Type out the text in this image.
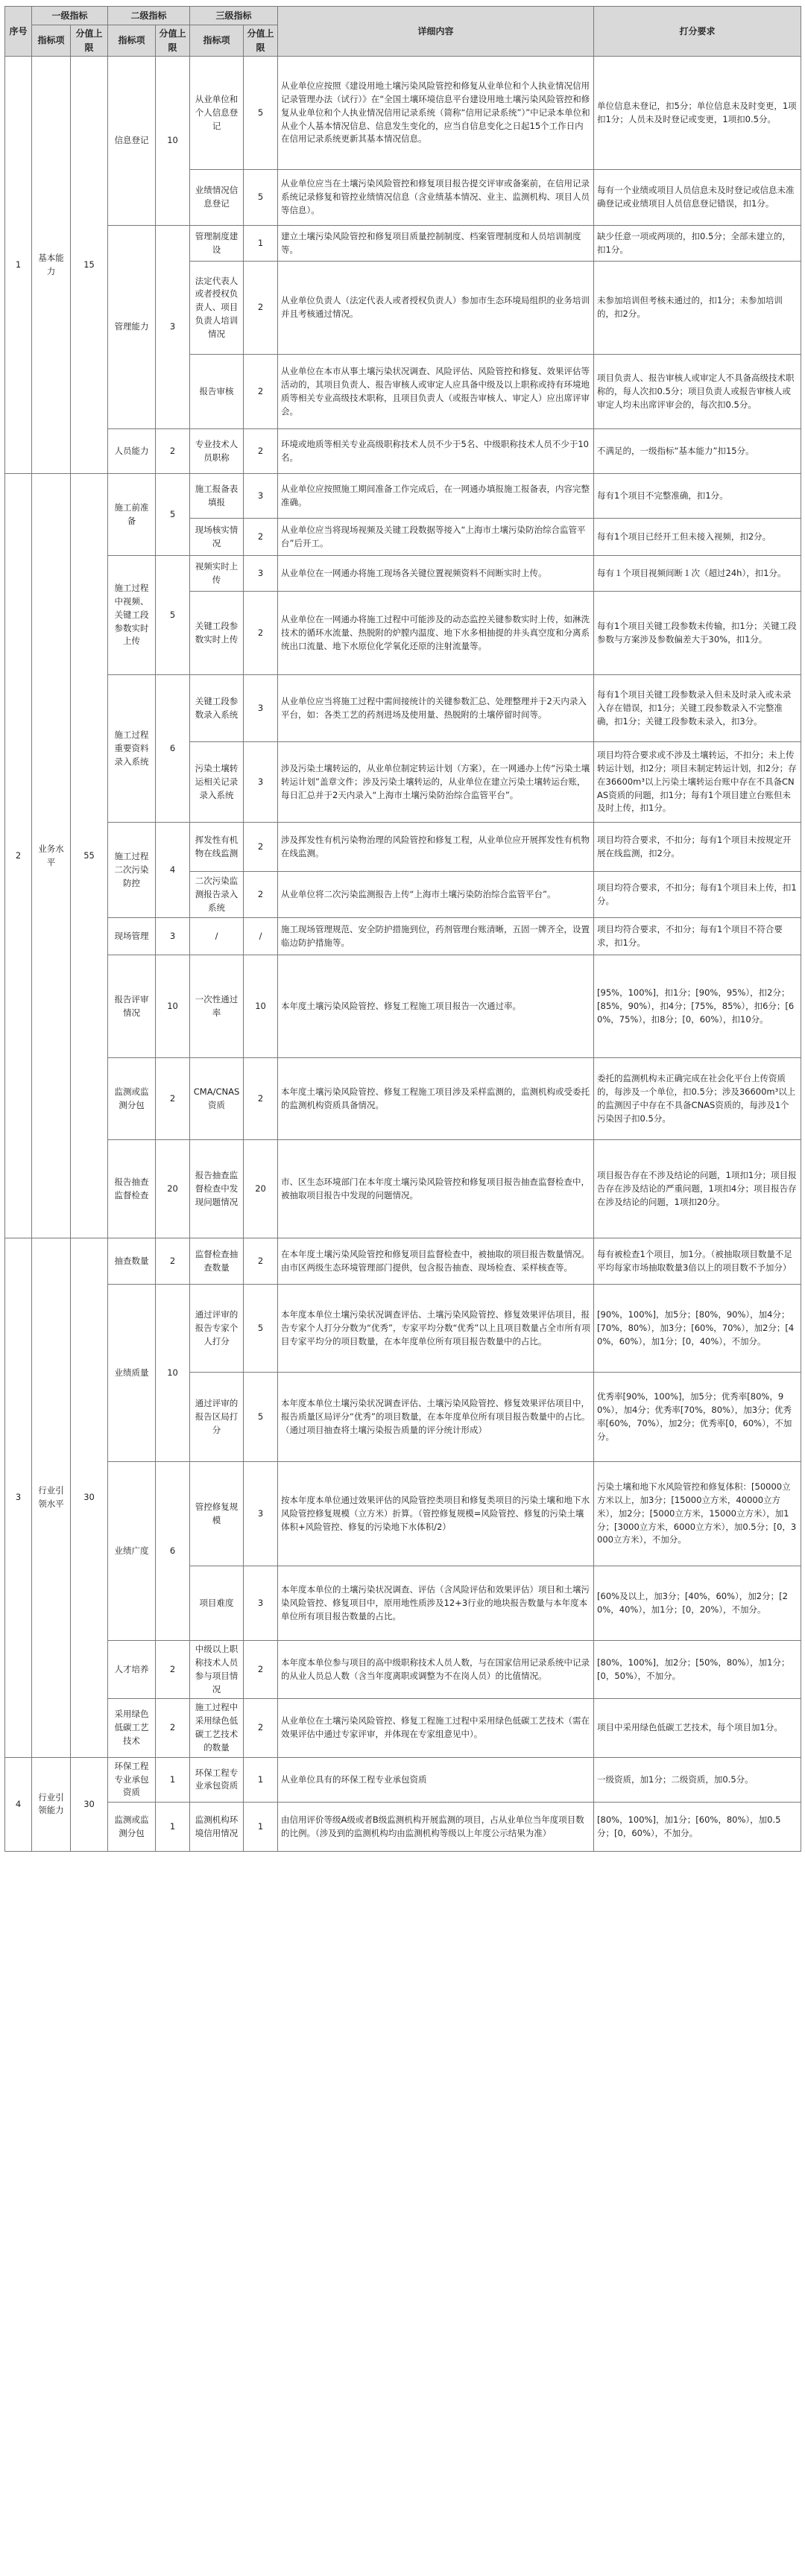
序号	一级指标		二级指标		三级指标		详细内容	打分要求
	指标项	分值上限	指标项	分值上限	指标项	分值上限		
1	基本能力	15	信息登记	10	从业单位和个人信息登记	5	从业单位应按照《建设用地土壤污染风险管控和修复从业单位和个人执业情况信用记录管理办法（试行）》在“全国土壤环境信息平台建设用地土壤污染风险管控和修复从业单位和个人执业情况信用记录系统（简称“信用记录系统”）”中记录本单位和从业个人基本情况信息、信息发生变化的，应当自信息变化之日起15个工作日内在信用记录系统更新其基本情况信息。	单位信息未登记，扣5分；单位信息未及时变更，1项扣1分；人员未及时登记或变更，1项扣0.5分。
					业绩情况信息登记	5	从业单位应当在土壤污染风险管控和修复项目报告提交评审或备案前，在信用记录系统记录修复和管控业绩情况信息（含业绩基本情况、业主、监测机构、项目人员等信息）。	每有一个业绩或项目人员信息未及时登记或信息未准确登记或业绩项目人员信息登记错误，扣1分。
			管理能力	3	管理制度建设	1	建立土壤污染风险管控和修复项目质量控制制度、档案管理制度和人员培训制度等。	缺少任意一项或两项的，扣0.5分；全部未建立的，扣1分。
					法定代表人或者授权负责人、项目负责人培训情况	2	从业单位负责人（法定代表人或者授权负责人）参加市生态环境局组织的业务培训并且考核通过情况。	未参加培训但考核未通过的，扣1分；未参加培训的，扣2分。
					报告审核	2	从业单位在本市从事土壤污染状况调查、风险评估、风险管控和修复、效果评估等活动的，其项目负责人、报告审核人或审定人应具备中级及以上职称或持有环境地质等相关专业高级技术职称，且项目负责人（或报告审核人、审定人）应出席评审会。	项目负责人、报告审核人或审定人不具备高级技术职称的，每人次扣0.5分；项目负责人或报告审核人或审定人均未出席评审会的，每次扣0.5分。
			人员能力	2	专业技术人员职称	2	环境或地质等相关专业高级职称技术人员不少于5名、中级职称技术人员不少于10名。	不满足的，一级指标“基本能力”扣15分。
2	业务水平	55	施工前准备	5	施工报备表填报	3	从业单位应按照施工期间准备工作完成后，在一网通办填报施工报备表，内容完整准确。	每有1个项目不完整准确，扣1分。
					现场核实情况	2	从业单位应当将现场视频及关键工段数据等接入“上海市土壤污染防治综合监管平台”后开工。	每有1个项目已经开工但未接入视频，扣2分。
			施工过程中视频、关键工段参数实时上传	5	视频实时上传	3	从业单位在一网通办将施工现场各关键位置视频资料不间断实时上传。	每有１个项目视频间断１次（超过24h），扣1分。
					关键工段参数实时上传	2	从业单位在一网通办将施工过程中可能涉及的动态监控关键参数实时上传，如淋洗技术的循环水流量、热脱附的炉膛内温度、地下水多相抽提的井头真空度和分离系统出口流量、地下水原位化学氧化还原的注射流量等。	每有1个项目关键工段参数未传输，扣1分；关键工段参数与方案涉及参数偏差大于30%，扣1分。
			施工过程重要资料录入系统	6	关键工段参数录入系统	3	从业单位应当将施工过程中需间接统计的关键参数汇总、处理整理并于2天内录入平台，如：各类工艺的药剂进场及使用量、热脱附的土壤停留时间等。	每有1个项目关键工段参数录入但未及时录入或未录入存在错误，扣1分；关键工段参数录入不完整准确，扣1分；关键工段参数未录入，扣3分。
					污染土壤转运相关记录录入系统	3	涉及污染土壤转运的，从业单位制定转运计划（方案），在一网通办上传“污染土壤转运计划”盖章文件；涉及污染土壤转运的，从业单位在建立污染土壤转运台账，每日汇总并于2天内录入“上海市土壤污染防治综合监管平台”。	项目均符合要求或不涉及土壤转运，不扣分；未上传转运计划，扣2分；项目未制定转运计划，扣2分；存在36600m³以上污染土壤转运台账中存在不具备CNAS资质的问题，扣1分；每有1个项目建立台账但未及时上传，扣1分。
			施工过程二次污染防控	4	挥发性有机物在线监测	2	涉及挥发性有机污染物治理的风险管控和修复工程，从业单位应开展挥发性有机物在线监测。	项目均符合要求，不扣分；每有1个项目未按规定开展在线监测，扣2分。
					二次污染监测报告录入系统	2	从业单位将二次污染监测报告上传“上海市土壤污染防治综合监管平台”。	项目均符合要求，不扣分；每有1个项目未上传，扣1分。
			现场管理	3	/	/	施工现场管理规范、安全防护措施到位，药剂管理台账清晰，五固一牌齐全，设置临边防护措施等。	项目均符合要求，不扣分；每有1个项目不符合要求，扣1分。
			报告评审情况	10	一次性通过率	10	本年度土壤污染风险管控、修复工程施工项目报告一次通过率。	[95%，100%]，扣1分；[90%，95%），扣2分；[85%，90%），扣4分；[75%，85%），扣6分；[60%，75%），扣8分；[0，60%），扣10分。
			监测或监测分包	2	CMA/CNAS资质	2	本年度土壤污染风险管控、修复工程施工项目涉及采样监测的，监测机构或受委托的监测机构资质具备情况。	委托的监测机构未正确完成在社会化平台上传资质的，每涉及一个单位，扣0.5分；涉及36600m³以上的监测因子中存在不具备CNAS资质的，每涉及1个污染因子扣0.5分。
			报告抽查监督检查	20	报告抽查监督检查中发现问题情况	20	市、区生态环境部门在本年度土壤污染风险管控和修复项目报告抽查监督检查中，被抽取项目报告中发现的问题情况。	项目报告存在不涉及结论的问题，1项扣1分；项目报告存在涉及结论的严重问题，1项扣4分；项目报告存在涉及结论的问题，1项扣20分。
3	行业引领水平	30	抽查数量	2	监督检查抽查数量	2	在本年度土壤污染风险管控和修复项目监督检查中，被抽取的项目报告数量情况。由市区两级生态环境管理部门提供，包含报告抽查、现场检查、采样核查等。	每有被检查1个项目，加1分。（被抽取项目数量不足平均每家市场抽取数量3倍以上的项目数不予加分）
			业绩质量	10	通过评审的报告专家个人打分	5	本年度本单位土壤污染状况调查评估、土壤污染风险管控、修复效果评估项目，报告专家个人打分分数为“优秀”，专家平均分数“优秀”以上且项目数量占全市所有项目专家平均分的项目数量，在本年度单位所有项目报告数量中的占比。	[90%，100%]，加5分；[80%，90%），加4分；[70%，80%），加3分；[60%，70%），加2分；[40%，60%），加1分；[0，40%），不加分。
					通过评审的报告区局打分	5	本年度本单位土壤污染状况调查评估、土壤污染风险管控、修复效果评估项目中，报告质量区局评分“优秀”的项目数量，在本年度单位所有项目报告数量中的占比。（通过项目抽查将土壤污染报告质量的评分统计形成）	优秀率[90%，100%]，加5分；优秀率[80%，90%），加4分；优秀率[70%，80%），加3分；优秀率[60%，70%），加2分；优秀率[0，60%），不加分。
			业绩广度	6	管控修复规模	3	按本年度本单位通过效果评估的风险管控类项目和修复类项目的污染土壤和地下水风险管控修复规模（立方米）折算。（管控修复规模=风险管控、修复的污染土壤体积+风险管控、修复的污染地下水体积/2）	污染土壤和地下水风险管控和修复体积：[50000立方米以上，加3分；[15000立方米，40000立方米），加2分；[5000立方米，15000立方米），加1分；[3000立方米，6000立方米），加0.5分；[0，3000立方米），不加分。
					项目难度	3	本年度本单位的土壤污染状况调查、评估（含风险评估和效果评估）项目和土壤污染风险管控、修复项目中，原用地性质涉及12+3行业的地块报告数量与本年度本单位所有项目报告数量的占比。	[60%及以上，加3分；[40%，60%），加2分；[20%，40%），加1分；[0，20%），不加分。
			人才培养	2	中级以上职称技术人员参与项目情况	2	本年度本单位参与项目的高中级职称技术人员人数，与在国家信用记录系统中记录的从业人员总人数（含当年度离职或调整为不在岗人员）的比值情况。	[80%，100%]，加2分；[50%，80%），加1分；[0，50%），不加分。
			采用绿色低碳工艺技术	2	施工过程中采用绿色低碳工艺技术的数量	2	从业单位在土壤污染风险管控、修复工程施工过程中采用绿色低碳工艺技术（需在效果评估中通过专家评审，并体现在专家组意见中）。	项目中采用绿色低碳工艺技术，每个项目加1分。
4	行业引领能力	30	环保工程专业承包资质	1	环保工程专业承包资质	1	从业单位具有的环保工程专业承包资质	一级资质，加1分；二级资质，加0.5分。
			监测或监测分包	1	监测机构环境信用情况	1	由信用评价等级A级或者B级监测机构开展监测的项目，占从业单位当年度项目数的比例。（涉及到的监测机构均由监测机构等级以上年度公示结果为准）	[80%，100%]，加1分；[60%，80%），加0.5分；[0，60%），不加分。
